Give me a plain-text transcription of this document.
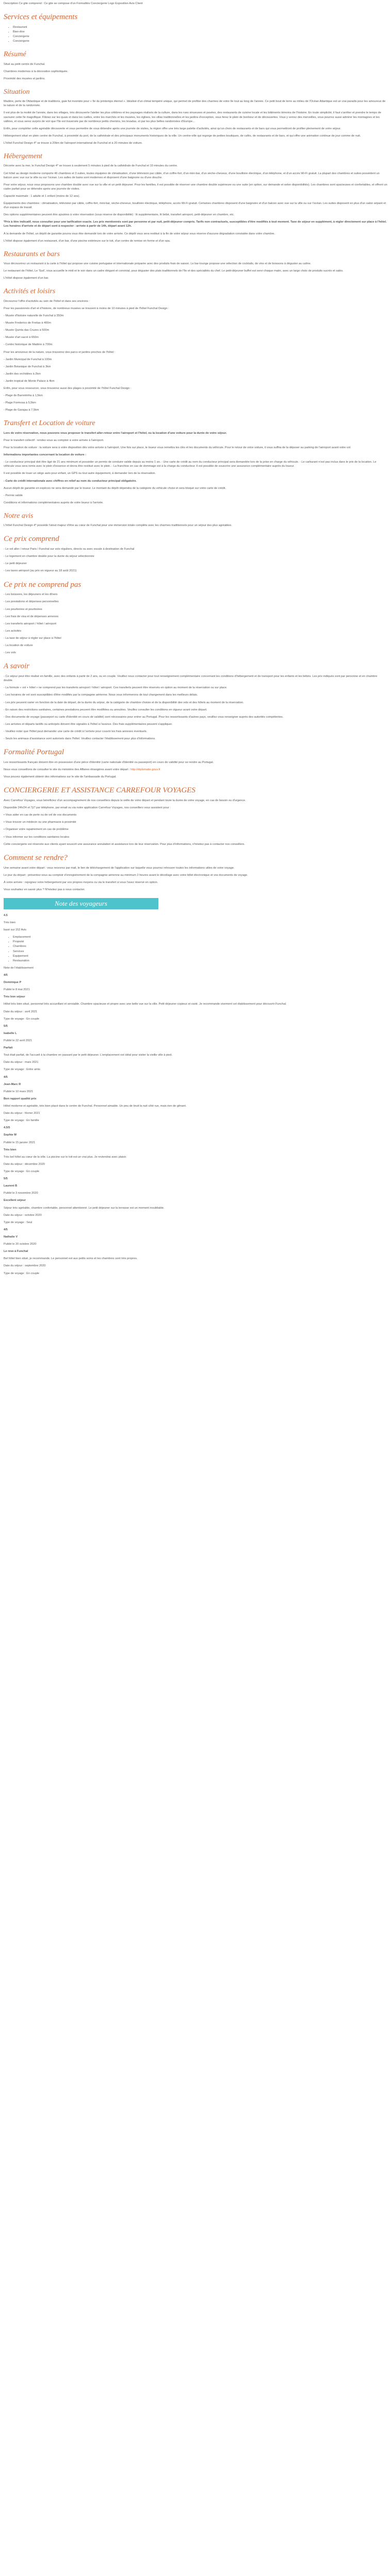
Description Ce gite comprend : Ce gite se compose d'un Formalités Conciergerie Logo Exposition Avis Client

Services et équipements
• Restaurant
• Bien-être
• Conciergerie
• Conciergerie
Résumé

Situé au petit centre de Funchal.

Chambres modernes à la décoration sophistiquée.

Proximité des musées et jardins.

Situation

Madère, perle de l'Atlantique et de traditions, gaie fut inventée pour « île du printemps éternel ». Idéalisé d'un climat tempéré unique, qui permet de profiter des charmes de votre île tout au long de l'année. Ce petit bout de terre au milieu de l'Océan Atlantique est un vrai paradis pour les amoureux de la nature et de la randonnée.

Il est plus de la moitié de l'année, dans les villages, très découverte l'atelier les plus célèbres et les paysages réalisés de la culture, dans les rues sinueuses et pavées, des restaurants de cuisine locale et les bâtiments témoins de l'histoire. En toute simplicité, il faut s'arrêter et prendre le temps de savourer cette île magnifique. Flânez sur les quais et dans les ruelles, entre les marchés et les musées, les églises, les villas traditionnelles et les jardins d'exception, vous ferez le plein de bonheur et de découvertes. Vous y verrez des merveilles, vous pourrez aussi admirer les montagnes et les vallées, et vous serez surpris de voir que l'île est traversée par de nombreux petits chemins, les levadas, et par les plus belles randonnées d'Europe...

Enfin, pour compléter cette agréable découverte et vous permettre de vous détendre après une journée de visites, la région offre une très large palette d'activités, ainsi qu'un choix de restaurants et de bars qui vous permettront de profiter pleinement de votre séjour.

Hébergement situé en plein centre de Funchal, à proximité du port, de la cathédrale et des principaux monuments historiques de la ville. Un centre-ville qui regorge de petites boutiques, de cafés, de restaurants et de bars, et qui offre une animation continue de jour comme de nuit.

L'hôtel Funchal Design 4* se trouve à 20km de l'aéroport international de Funchal et à 20 minutes de voiture.

Hébergement

Décorée avec la mer, le Funchal Design 4* se trouve à seulement 5 minutes à pied de la cathédrale de Funchal et 10 minutes du centre.

Cet hôtel au design moderne comporte 46 chambres et 3 suites, toutes équipées de climatisation, d'une télévision par câble, d'un coffre-fort, d'un mini-bar, d'un sèche-cheveux, d'une bouilloire électrique, d'un téléphone, et d'un accès Wi-Fi gratuit. La plupart des chambres et suites possèdent un balcon avec vue sur la ville ou sur l'océan. Les salles de bains sont modernes et disposent d'une baignoire ou d'une douche.

Pour votre séjour, nous vous proposons une chambre double avec vue sur la ville et un petit déjeuner. Pour les familles, il est possible de réserver une chambre double supérieure ou une suite (en option, sur demande et selon disponibilités). Les chambres sont spacieuses et confortables, et offrent un cadre parfait pour se détendre après une journée de visites.

Capacité maximale : 1 adulte et 1 enfant (moins de 12 ans).

Équipements des chambres : climatisation, télévision par câble, coffre-fort, mini-bar, sèche-cheveux, bouilloire électrique, téléphone, accès Wi-Fi gratuit. Certaines chambres disposent d'une baignoire et d'un balcon avec vue sur la ville ou sur l'océan. Les suites disposent en plus d'un salon séparé et d'un espace de travail.

Des options supplémentaires peuvent être ajoutées à votre réservation (sous réserve de disponibilité) : lit supplémentaire, lit bébé, transfert aéroport, petit-déjeuner en chambre, etc.

*Prix à titre indicatif, nous consulter pour une tarification exacte. Les prix mentionnés sont par personne et par nuit, petit-déjeuner compris. Tarifs non contractuels, susceptibles d'être modifiés à tout moment. Taxe de séjour en supplément, à régler directement sur place à l'hôtel. Les horaires d'arrivée et de départ sont à respecter : arrivée à partir de 14h, départ avant 12h.

À la demande de l'hôtel, un dépôt de garantie pourra vous être demandé lors de votre arrivée. Ce dépôt vous sera restitué à la fin de votre séjour sous réserve d'aucune dégradation constatée dans votre chambre.

L'hôtel dispose également d'un restaurant, d'un bar, d'une piscine extérieure sur le toit, d'un centre de remise en forme et d'un spa.

Restaurants et bars

Vous découvrirez un restaurant à la carte à l'hôtel qui propose une cuisine portugaise et internationale préparée avec des produits frais de saison. Le bar-lounge propose une sélection de cocktails, de vins et de boissons à déguster au calme.

Le restaurant de l'hôtel, Le 'Sud', vous accueille le midi et le soir dans un cadre élégant et convivial, pour déguster des plats traditionnels de l'île et des spécialités du chef. Le petit-déjeuner buffet est servi chaque matin, avec un large choix de produits sucrés et salés.

L'hôtel dispose également d'un bar.

Activités et loisirs

Découvrez l'offre d'activités au sein de l'hôtel et dans ses environs :

Pour les passionnés d'art et d'histoire, de nombreux musées se trouvent à moins de 10 minutes à pied de l'hôtel Funchal Design :

- Musée d'histoire naturelle de Funchal à 350m

- Musée Frederico de Freitas à 400m

- Musée Quinta das Cruzes à 500m

- Musée d'art sacré à 650m

- Centre historique de Madère à 700m

Pour les amoureux de la nature, vous trouverez des parcs et jardins proches de l'hôtel :

- Jardin Municipal de Funchal à 100m

- Jardin Botanique de Funchal à 3km

- Jardin des orchidées à 2km

- Jardin tropical de Monte Palace à 4km

Enfin, pour vous ressourcer, vous trouverez aussi des plages à proximité de l'hôtel Funchal Design :

- Plage de Barreirinha à 1,5km

- Plage Formosa à 5,5km

- Plage de Garajau à 7,5km

Transfert et Location de voiture

Lors de votre réservation, nous pouvons vous proposer le transfert aller-retour entre l'aéroport et l'hôtel, ou la location d'une voiture pour la durée de votre séjour.

Pour le transfert collectif : rendez-vous au comptoir à votre arrivée à l'aéroport.

Pour la location de voiture : la voiture sera à votre disposition dès votre arrivée à l'aéroport. Une fois sur place, le loueur vous remettra les clés et les documents du véhicule. Pour le retour de votre voiture, il vous suffira de la déposer au parking de l'aéroport avant votre vol.

Informations importantes concernant la location de voiture :

- Le conducteur principal doit être âgé de 21 ans minimum et posséder un permis de conduire valide depuis au moins 1 an. - Une carte de crédit au nom du conducteur principal sera demandée lors de la prise en charge du véhicule. - Le carburant n'est pas inclus dans le prix de la location. Le véhicule vous sera remis avec le plein d'essence et devra être restitué avec le plein. - La franchise en cas de dommage est à la charge du conducteur. Il est possible de souscrire une assurance complémentaire auprès du loueur.

Il est possible de louer un siège auto pour enfant, un GPS ou tout autre équipement, à demander lors de la réservation.

- Carte de crédit internationale avec chiffres en relief au nom du conducteur principal obligatoire.

Aucun dépôt de garantie en espèces ne sera demandé par le loueur. Le montant du dépôt dépendra de la catégorie du véhicule choisi et sera bloqué sur votre carte de crédit.

- Permis valide

Conditions et informations complémentaires auprès de votre loueur à l'arrivée.

Notre avis

L'hôtel Funchal Design 4* possède l'atout majeur d'être au cœur de Funchal pour une immersion totale complète avec les charmes traditionnels pour un séjour des plus agréables.

Ce prix comprend

- Le vol aller / retour Paris / Funchal sur vols réguliers, directs ou avec escale à destination de Funchal

- Le logement en chambre double pour la durée du séjour sélectionnée

- Le petit déjeuner

- Les taxes aéroport (au prix en vigueur au 18 août 2021)

Ce prix ne comprend pas

- Les boissons, les déjeuners et les dîners

- Les prestations et dépenses personnelles

- Les pourboires et pourboires

- Les frais de visa et de dépenses annexes

- Les transferts aéroport / hôtel / aéroport

- Les activités

- La taxe de séjour à régler sur place à l'hôtel

- La location de voiture

- Les vols

A savoir

- Ce séjour peut être réalisé en famille, avec des enfants à partir de 2 ans, ou en couple. Veuillez nous contacter pour tout renseignement complémentaire concernant les conditions d'hébergement et de transport pour les enfants et les bébés. Les prix indiqués sont par personne et en chambre double.

- La formule « vol + hôtel » ne comprend pas les transferts aéroport / hôtel / aéroport. Ces transferts peuvent être réservés en option au moment de la réservation ou sur place.

- Les horaires de vol sont susceptibles d'être modifiés par la compagnie aérienne. Nous vous informerons de tout changement dans les meilleurs délais.

- Les prix peuvent varier en fonction de la date de départ, de la durée du séjour, de la catégorie de chambre choisie et de la disponibilité des vols et des hôtels au moment de la réservation.

- En raison des restrictions sanitaires, certaines prestations peuvent être modifiées ou annulées. Veuillez consulter les conditions en vigueur avant votre départ.

- Des documents de voyage (passeport ou carte d'identité en cours de validité) sont nécessaires pour entrer au Portugal. Pour les ressortissants d'autres pays, veuillez vous renseigner auprès des autorités compétentes.

- Les arrivées et départs tardifs ou anticipés doivent être signalés à l'hôtel à l'avance. Des frais supplémentaires peuvent s'appliquer.

- Veuillez noter que l'hôtel peut demander une carte de crédit à l'arrivée pour couvrir les frais annexes éventuels.

- Seuls les animaux d'assistance sont autorisés dans l'hôtel. Veuillez contacter l'établissement pour plus d'informations.

Formalité Portugal

Les ressortissants français doivent être en possession d'une pièce d'identité (carte nationale d'identité ou passeport) en cours de validité pour se rendre au Portugal.

Nous vous conseillons de consulter le site du ministère des Affaires étrangères avant votre départ : http://diplomatie.gouv.fr

Vous pouvez également obtenir des informations sur le site de l'ambassade du Portugal.

CONCIERGERIE ET ASSISTANCE CARREFOUR VOYAGES

Avec Carrefour Voyages, vous bénéficiez d'un accompagnement de nos conseillers depuis la veille de votre départ et pendant toute la durée de votre voyage, en cas de besoin ou d'urgence.

Disponible 24h/24 et 7j/7 par téléphone, par email ou via notre application Carrefour Voyages, nos conseillers vous assistent pour :

• Vous aider en cas de perte ou de vol de vos documents

• Vous trouver un médecin ou une pharmacie à proximité

• Organiser votre rapatriement en cas de problème

• Vous informer sur les conditions sanitaires locales

Cette conciergerie est réservée aux clients ayant souscrit une assurance annulation et assistance lors de leur réservation. Pour plus d'informations, n'hésitez pas à contacter nos conseillers.

Comment se rendre?

Une semaine avant votre départ : vous recevrez par mail, le lien de téléchargement de l'application sur laquelle vous pourrez retrouver toutes les informations utiles de votre voyage.

Le jour du départ : présentez-vous au comptoir d'enregistrement de la compagnie aérienne au minimum 2 heures avant le décollage avec votre billet électronique et vos documents de voyage.

À votre arrivée : rejoignez votre hébergement par vos propres moyens ou via le transfert si vous l'avez réservé en option.

Vous souhaitez en savoir plus ? N'hésitez pas à nous contacter.

Note des voyageurs

4.5

Très bien

basé sur 152 Avis

• Emplacement
• Propreté
• Chambres
• Services
• Équipement
• Restauration

Note de l'établissement

4/5

Dominique P

Publié le 8 mai 2021

Très bon séjour

Hôtel très bien situé, personnel très accueillant et serviable. Chambre spacieuse et propre avec une belle vue sur la ville. Petit déjeuner copieux et varié. Je recommande vivement cet établissement pour découvrir Funchal.

Date du séjour : avril 2021

Type de voyage : En couple

5/5

Isabelle L

Publié le 22 avril 2021

Parfait

Tout était parfait, de l'accueil à la chambre en passant par le petit déjeuner. L'emplacement est idéal pour visiter la vieille ville à pied.

Date du séjour : mars 2021

Type de voyage : Entre amis

4/5

Jean-Marc R

Publié le 10 mars 2021

Bon rapport qualité prix

Hôtel moderne et agréable, très bien placé dans le centre de Funchal. Personnel aimable. Un peu de bruit la nuit côté rue, mais rien de gênant.

Date du séjour : février 2021

Type de voyage : En famille

4.5/5

Sophie M

Publié le 15 janvier 2021

Très bien

Très bel hôtel au cœur de la ville. La piscine sur le toit est un vrai plus. Je reviendrai avec plaisir.

Date du séjour : décembre 2020

Type de voyage : En couple

5/5

Laurent B

Publié le 3 novembre 2020

Excellent séjour

Séjour très agréable, chambre confortable, personnel attentionné. Le petit déjeuner sur la terrasse est un moment inoubliable.

Date du séjour : octobre 2020

Type de voyage : Seul

4/5

Nathalie V

Publié le 20 octobre 2020

Le reve à Funchal

Bel hôtel bien situé, je recommande. Le personnel est aux petits soins et les chambres sont très propres.

Date du séjour : septembre 2020

Type de voyage : En couple
